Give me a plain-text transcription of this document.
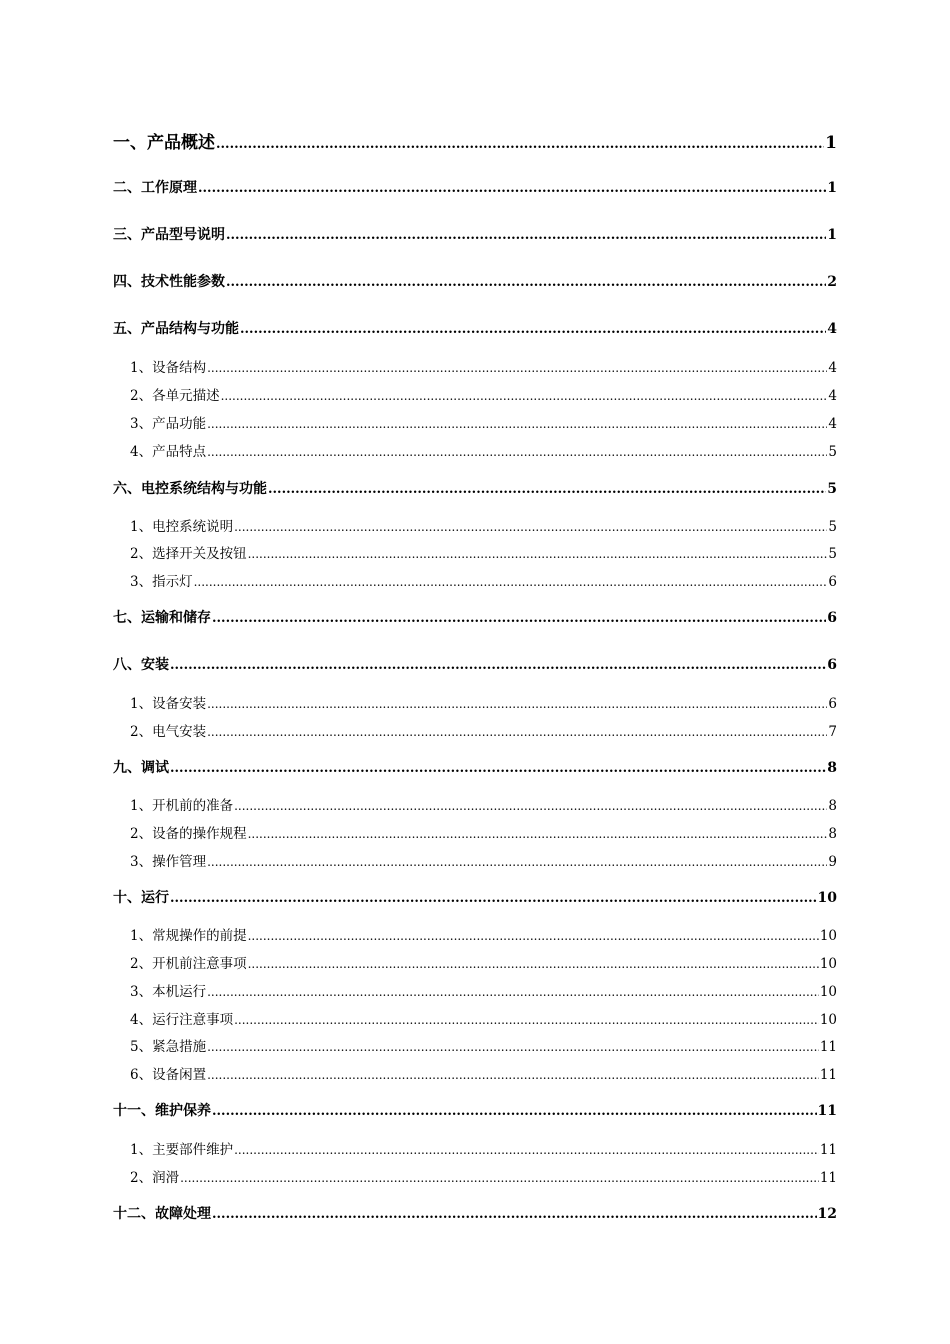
一、产品概述 .....	1
二、工作原理 .....	1
三、产品型号说明 .....	1
四、技术性能参数 .....	2
五、产品结构与功能 .....	4
1、设备结构 .....	4
2、各单元描述 .....	4
3、产品功能 .....	4
4、产品特点 .....	5
六、电控系统结构与功能 .....	5
1、电控系统说明 .....	5
2、选择开关及按钮 .....	5
3、指示灯 .....	6
七、运输和储存 .....	6
八、安装 .....	6
1、设备安装 .....	6
2、电气安装 .....	7
九、调试 .....	8
1、开机前的准备 .....	8
2、设备的操作规程 .....	8
3、操作管理 .....	9
十、运行 .....	10
1、常规操作的前提 .....	10
2、开机前注意事项 .....	10
3、本机运行 .....	10
4、运行注意事项 .....	10
5、紧急措施 .....	11
6、设备闲置 .....	11
十一、维护保养 .....	11
1、主要部件维护 .....	11
2、润滑 .....	11
十二、故障处理 .....	12
